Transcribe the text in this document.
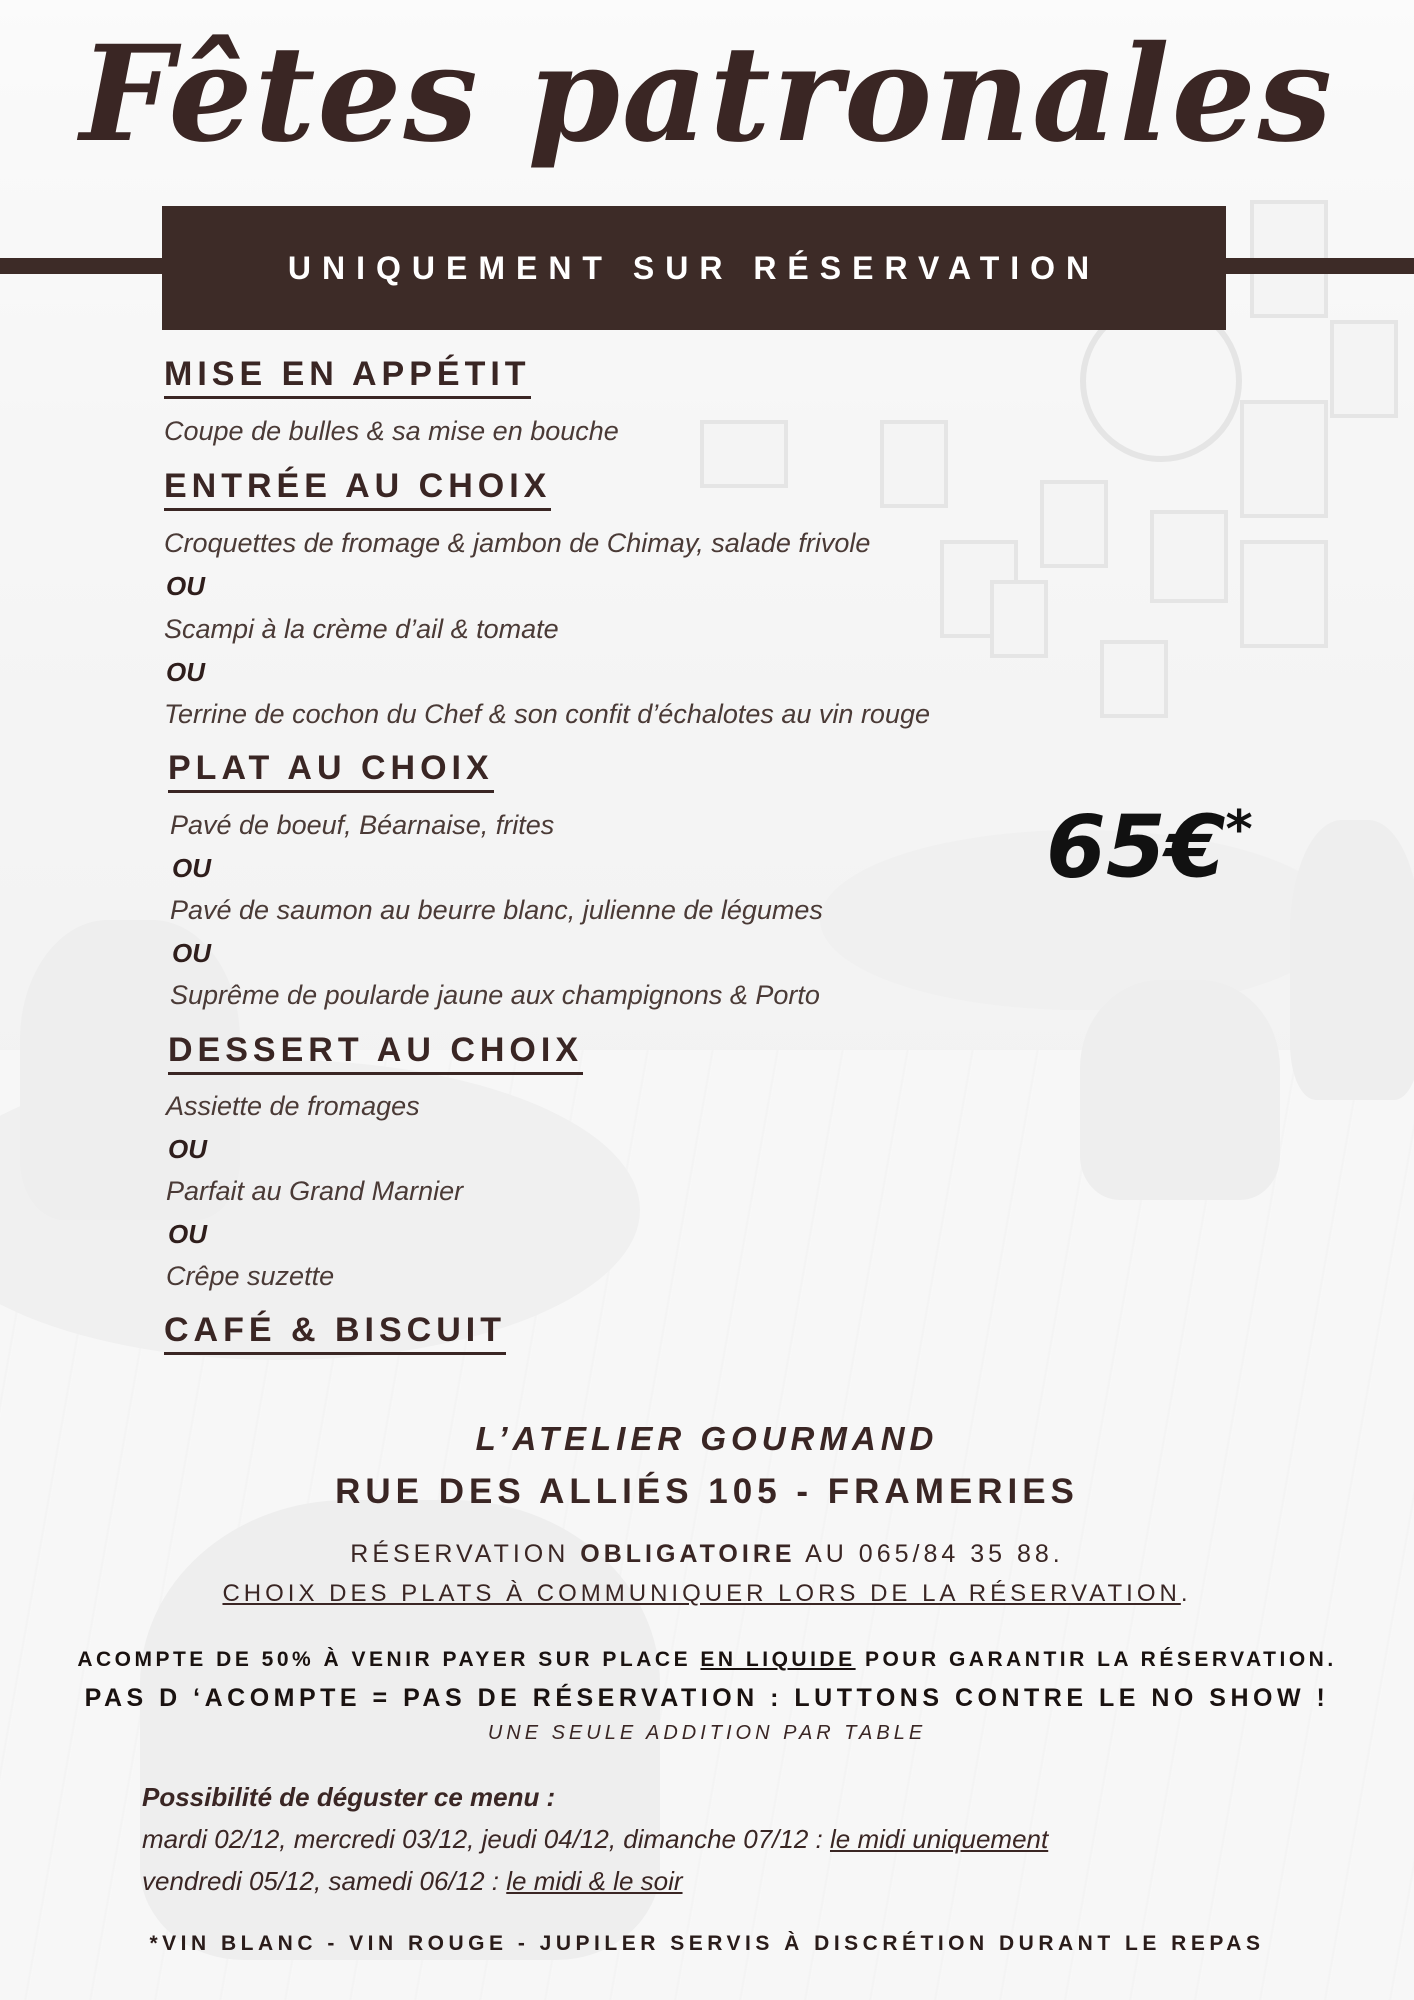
Fêtes patronales
UNIQUEMENT SUR RÉSERVATION
MISE EN APPÉTIT
Coupe de bulles & sa mise en bouche
ENTRÉE AU CHOIX
Croquettes de fromage & jambon de Chimay, salade frivole
OU
Scampi à la crème d’ail & tomate
OU
Terrine de cochon du Chef & son confit d’échalotes au vin rouge
PLAT AU CHOIX
Pavé de boeuf, Béarnaise, frites
OU
Pavé de saumon au beurre blanc, julienne de légumes
OU
Suprême de poularde jaune aux champignons & Porto
65€*
DESSERT AU CHOIX
Assiette de fromages
OU
Parfait au Grand Marnier
OU
Crêpe suzette
CAFÉ & BISCUIT
L’ATELIER GOURMAND
RUE DES ALLIÉS 105 - FRAMERIES
RÉSERVATION OBLIGATOIRE AU 065/84 35 88.
CHOIX DES PLATS À COMMUNIQUER LORS DE LA RÉSERVATION.
ACOMPTE DE 50% À VENIR PAYER SUR PLACE EN LIQUIDE POUR GARANTIR LA RÉSERVATION.
PAS D ‘ACOMPTE = PAS DE RÉSERVATION : LUTTONS CONTRE LE NO SHOW !
UNE SEULE ADDITION PAR TABLE
Possibilité de déguster ce menu :
mardi 02/12, mercredi 03/12, jeudi 04/12, dimanche 07/12 : le midi uniquement
vendredi 05/12, samedi 06/12 : le midi & le soir
*VIN BLANC - VIN ROUGE - JUPILER SERVIS À DISCRÉTION DURANT LE REPAS
